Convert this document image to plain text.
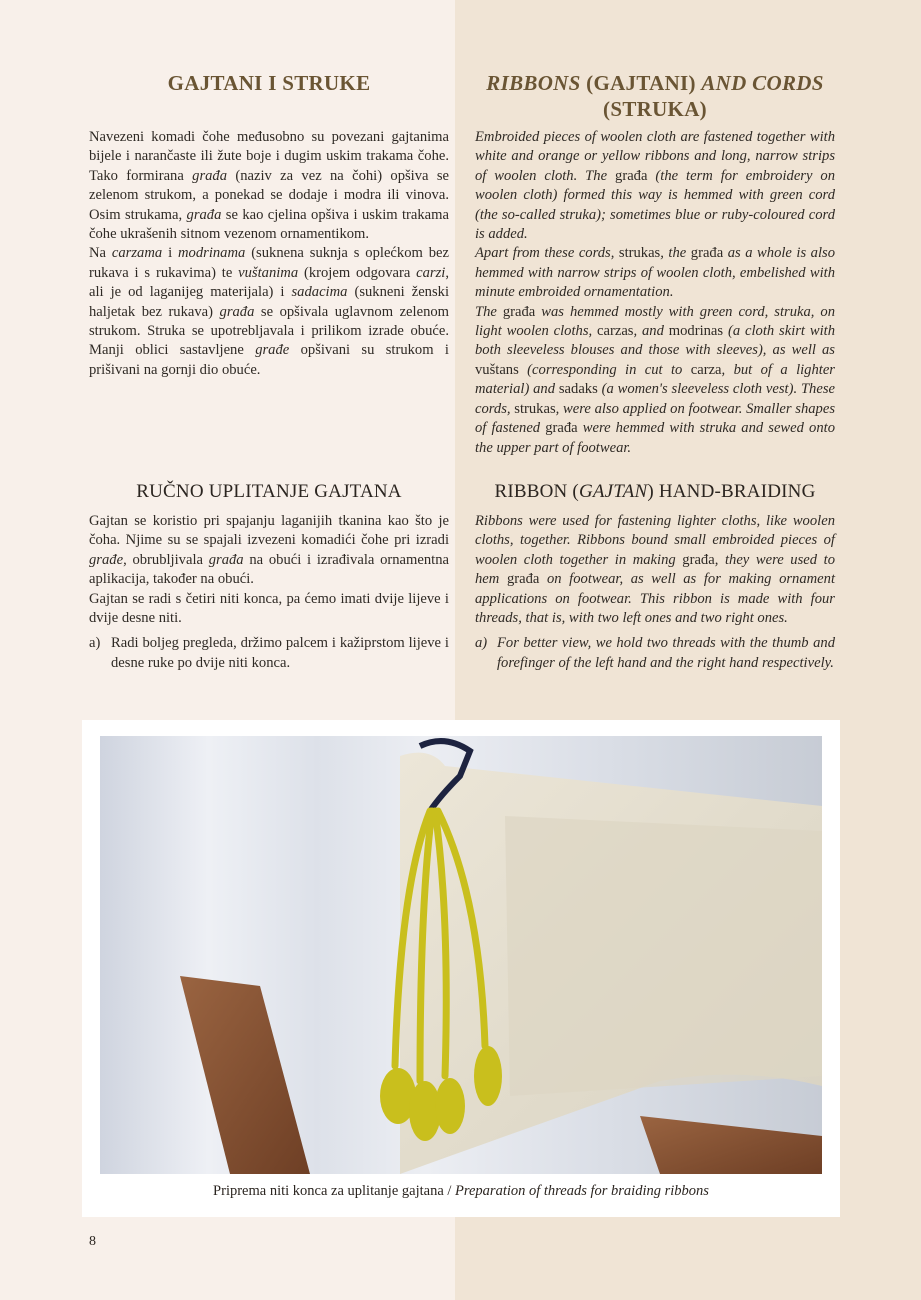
GAJTANI I STRUKE

Navezeni komadi čohe međusobno su povezani gajtanima bijele i narančaste ili žute boje i dugim uskim trakama čohe. Tako formirana građa (naziv za vez na čohi) opšiva se zelenom strukom, a ponekad se dodaje i modra ili vinova. Osim strukama, građa se kao cjelina opšiva i uskim trakama čohe ukrašenih sitnom vezenom ornamentikom.

Na carzama i modrinama (suknena suknja s oplećkom bez rukava i s rukavima) te vuštanima (krojem odgovara carzi, ali je od laganijeg materijala) i sadacima (sukneni ženski haljetak bez rukava) građa se opšivala uglavnom zelenom strukom. Struka se upotrebljavala i prilikom izrade obuće. Manji oblici sastavljene građe opšivani su strukom i prišivani na gornji dio obuće.

RUČNO UPLITANJE GAJTANA

Gajtan se koristio pri spajanju laganijih tkanina kao što je čoha. Njime su se spajali izvezeni komadići čohe pri izradi građe, obrubljivala građa na obući i izrađivala ornamentna aplikacija, također na obući.

Gajtan se radi s četiri niti konca, pa ćemo imati dvije lijeve i dvije desne niti.

a) Radi boljeg pregleda, držimo palcem i kažiprstom lijeve i desne ruke po dvije niti konca.
RIBBONS (GAJTANI) AND CORDS (STRUKA)

Embroided pieces of woolen cloth are fastened together with white and orange or yellow ribbons and long, narrow strips of woolen cloth. The građa (the term for embroidery on woolen cloth) formed this way is hemmed with green cord (the so-called struka); sometimes blue or ruby-coloured cord is added.

Apart from these cords, strukas, the građa as a whole is also hemmed with narrow strips of woolen cloth, embelished with minute embroided ornamentation.

The građa was hemmed mostly with green cord, struka, on light woolen cloths, carzas, and modrinas (a cloth skirt with both sleeveless blouses and those with sleeves), as well as vuštans (corresponding in cut to carza, but of a lighter material) and sadaks (a women's sleeveless cloth vest). These cords, strukas, were also applied on footwear. Smaller shapes of fastened građa were hemmed with struka and sewed onto the upper part of footwear.

RIBBON (GAJTAN) HAND-BRAIDING

Ribbons were used for fastening lighter cloths, like woolen cloths, together. Ribbons bound small embroided pieces of woolen cloth together in making građa, they were used to hem građa on footwear, as well as for making ornament applications on footwear. This ribbon is made with four threads, that is, with two left ones and two right ones.

a) For better view, we hold two threads with the thumb and forefinger of the left hand and the right hand respectively.
Priprema niti konca za uplitanje gajtana / Preparation of threads for braiding ribbons
8
